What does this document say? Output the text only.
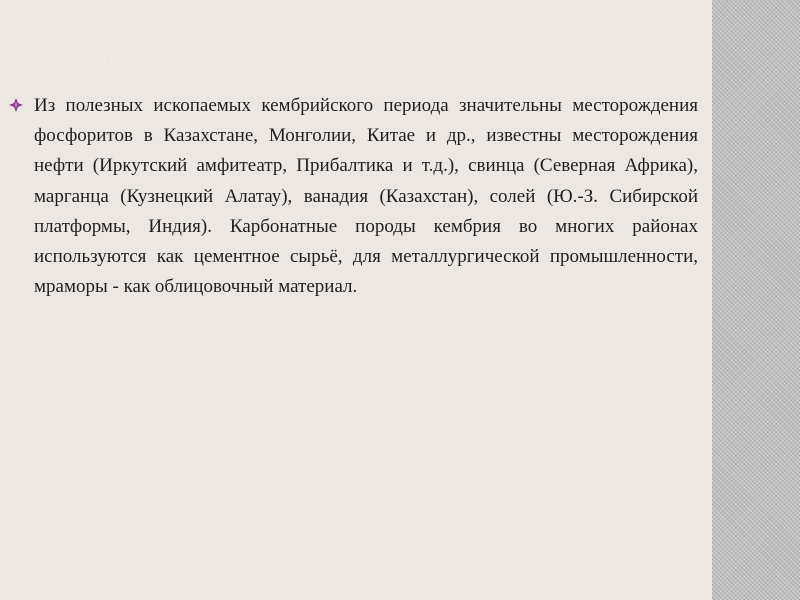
ПОЛЕЗНЫЕ ИСКОПАЕМЫЕ

Из полезных ископаемых кембрийского периода значительны месторождения фосфоритов в Казахстане, Монголии, Китае и др., известны месторождения нефти (Иркутский амфитеатр, Прибалтика и т.д.), свинца (Северная Африка), марганца (Кузнецкий Алатау), ванадия (Казахстан), солей (Ю.-З. Сибирской платформы, Индия). Карбонатные породы кембрия во многих районах используются как цементное сырьё, для металлургической промышленности, мраморы - как облицовочный материал.
